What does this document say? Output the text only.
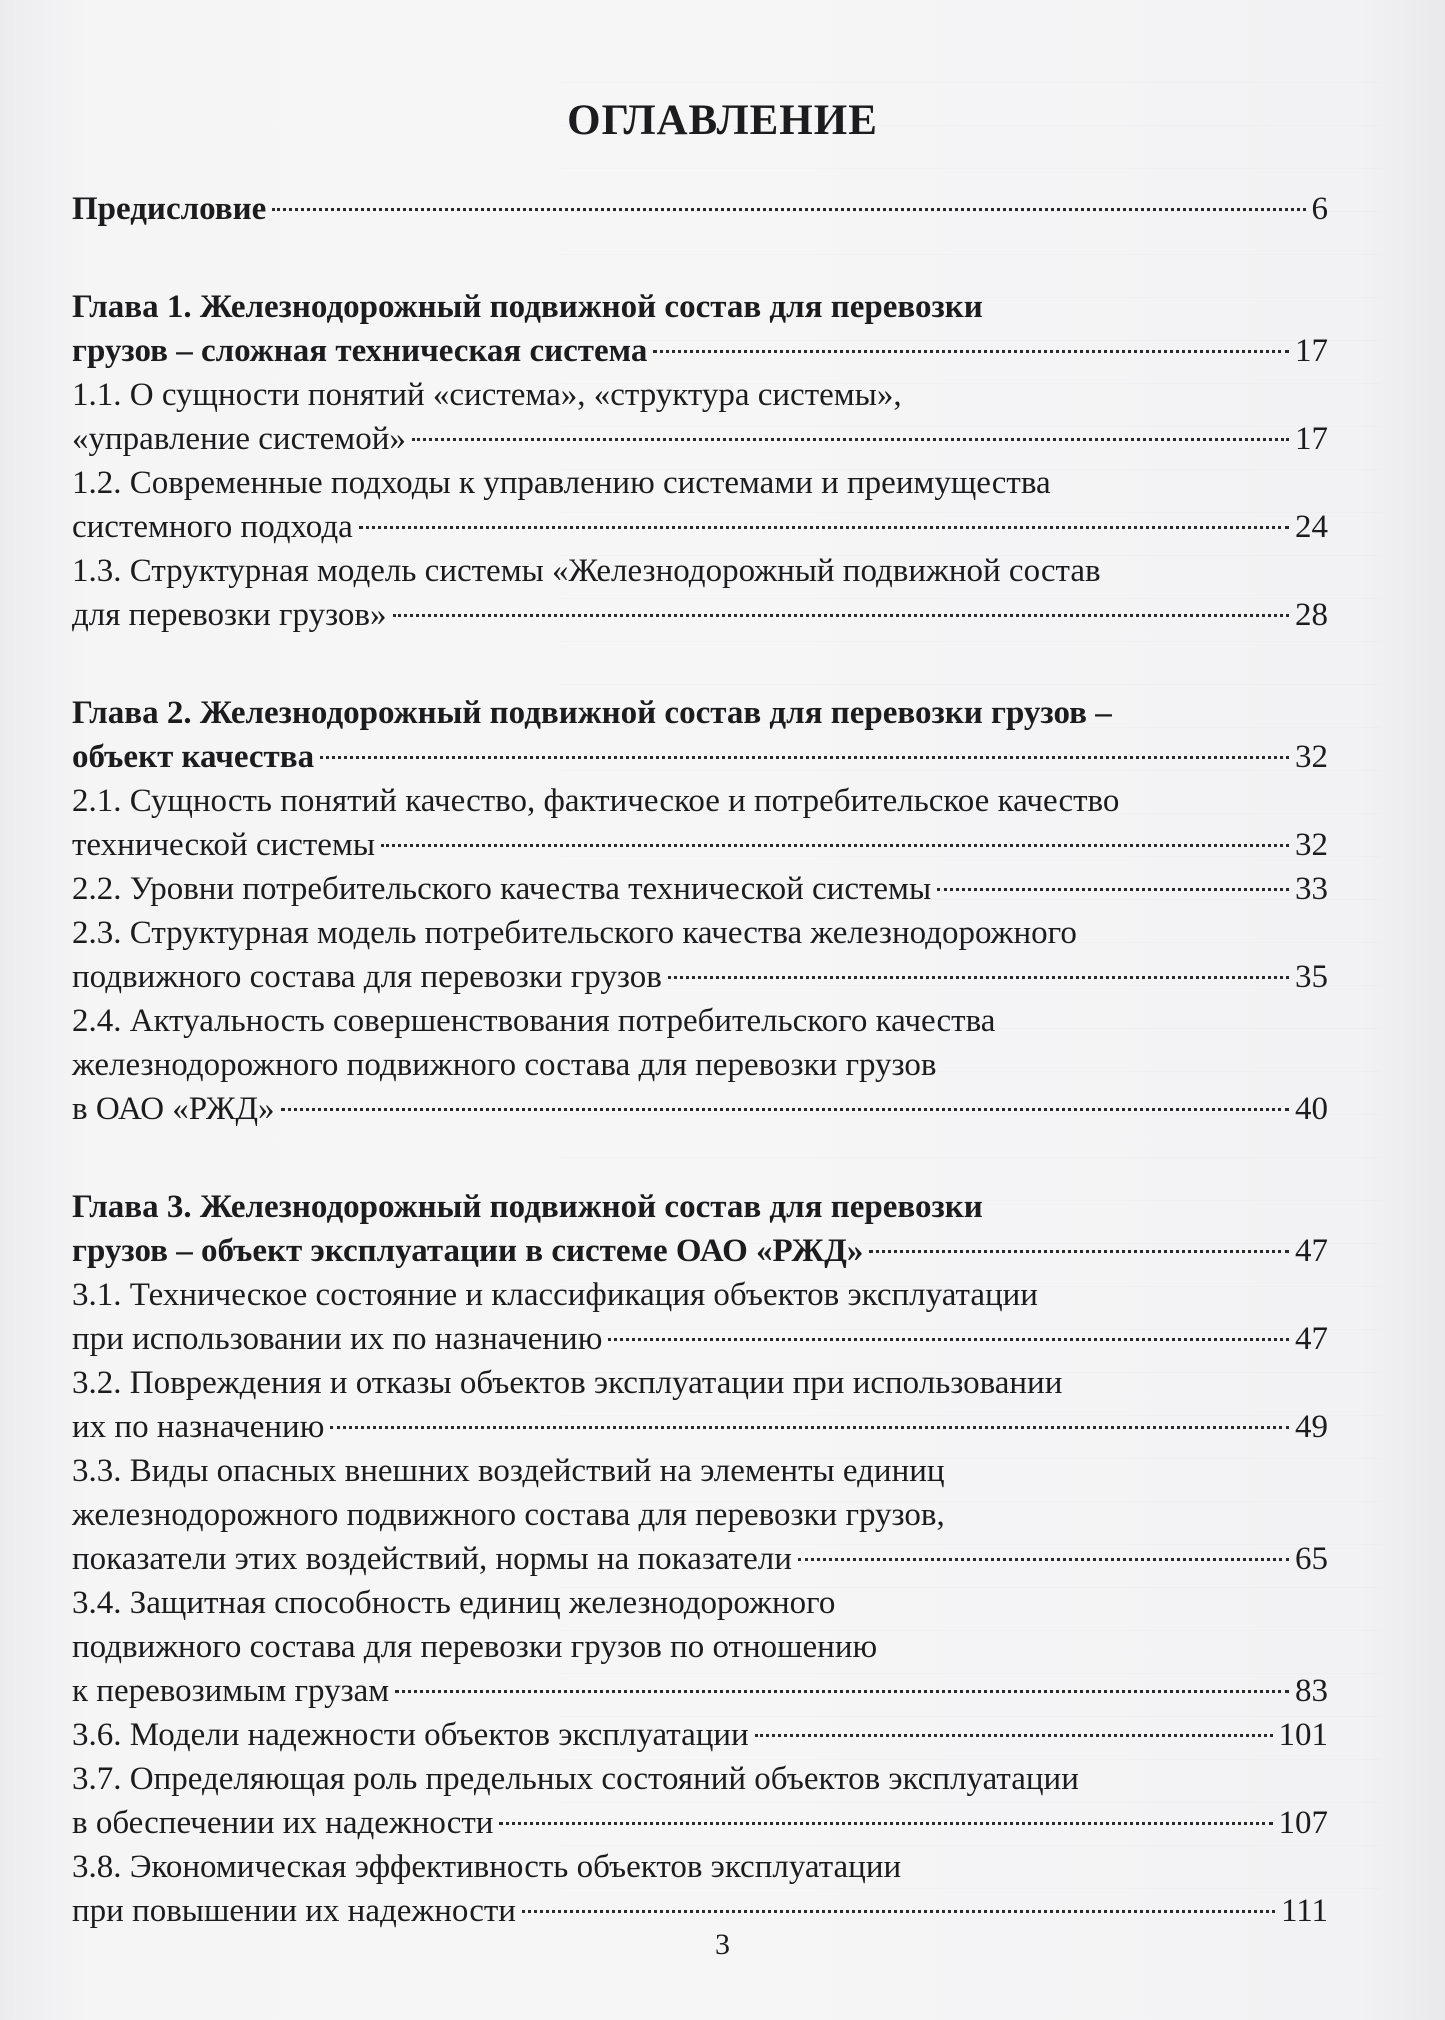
ОГЛАВЛЕНИЕ
Предисловие	6
Глава 1. Железнодорожный подвижной состав для перевозки
грузов – сложная техническая система	17
1.1. О сущности понятий «система», «структура системы»,
«управление системой»	17
1.2. Современные подходы к управлению системами и преимущества
системного подхода	24
1.3. Структурная модель системы «Железнодорожный подвижной состав
для перевозки грузов»	28
Глава 2. Железнодорожный подвижной состав для перевозки грузов –
объект качества	32
2.1. Сущность понятий качество, фактическое и потребительское качество
технической системы	32
2.2. Уровни потребительского качества технической системы	33
2.3. Структурная модель потребительского качества железнодорожного
подвижного состава для перевозки грузов	35
2.4. Актуальность совершенствования потребительского качества
железнодорожного подвижного состава для перевозки грузов
в ОАО «РЖД»	40
Глава 3. Железнодорожный подвижной состав для перевозки
грузов – объект эксплуатации в системе ОАО «РЖД»	47
3.1. Техническое состояние и классификация объектов эксплуатации
при использовании их по назначению	47
3.2. Повреждения и отказы объектов эксплуатации при использовании
их по назначению	49
3.3. Виды опасных внешних воздействий на элементы единиц
железнодорожного подвижного состава для перевозки грузов,
показатели этих воздействий, нормы на показатели	65
3.4. Защитная способность единиц железнодорожного
подвижного состава для перевозки грузов по отношению
к перевозимым грузам	83
3.6. Модели надежности объектов эксплуатации	101
3.7. Определяющая роль предельных состояний объектов эксплуатации
в обеспечении их надежности	107
3.8. Экономическая эффективность объектов эксплуатации
при повышении их надежности	111
3
